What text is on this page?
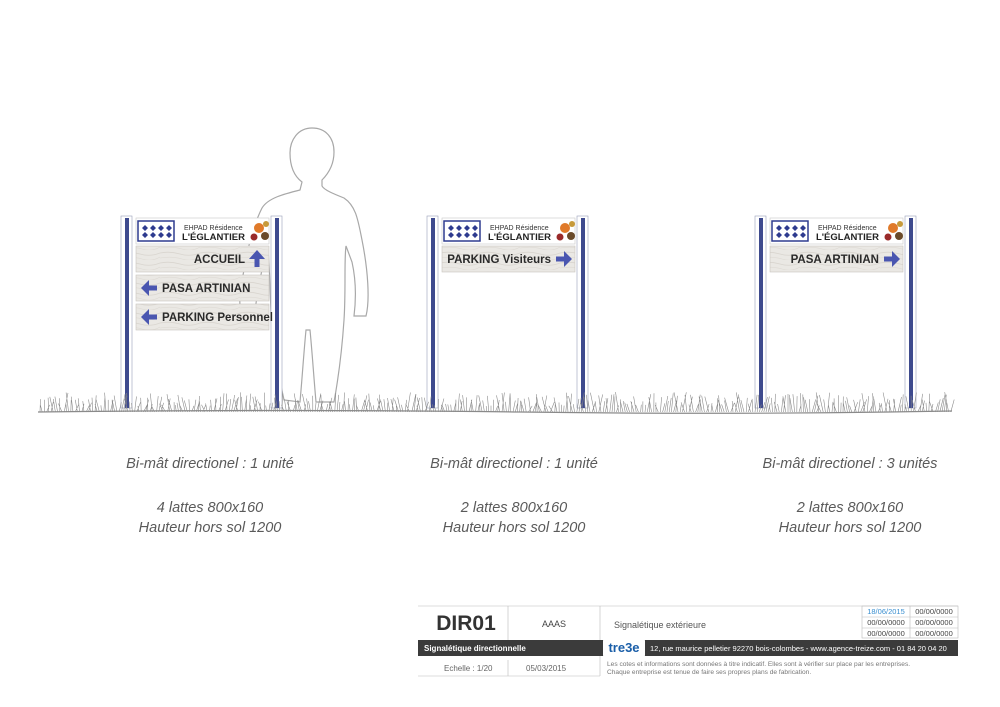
EHPAD Résidence
L'ÉGLANTIER
ACCUEIL
PASA ARTINIAN
PARKING Personnel
EHPAD Résidence
L'ÉGLANTIER
PARKING Visiteurs
EHPAD Résidence
L'ÉGLANTIER
PASA ARTINIAN
Bi-mât directionel : 1 unité
4 lattes 800x160
Hauteur hors sol 1200
Bi-mât directionel : 1 unité
2 lattes 800x160
Hauteur hors sol 1200
Bi-mât directionel : 3 unités
2 lattes 800x160
Hauteur hors sol 1200
DIR01	AAAS	Signalétique extérieure
Signalétique directionnelle	tre3e	12, rue maurice pelletier 92270 bois-colombes - www.agence-treize.com - 01 84 20 04 20
Echelle : 1/20	05/03/2015	Les cotes et informations sont données à titre indicatif. Elles sont à vérifier sur place par les entreprises.
Chaque entreprise est tenue de faire ses propres plans de fabrication.
18/06/2015	00/00/0000
00/00/0000	00/00/0000
00/00/0000	00/00/0000
